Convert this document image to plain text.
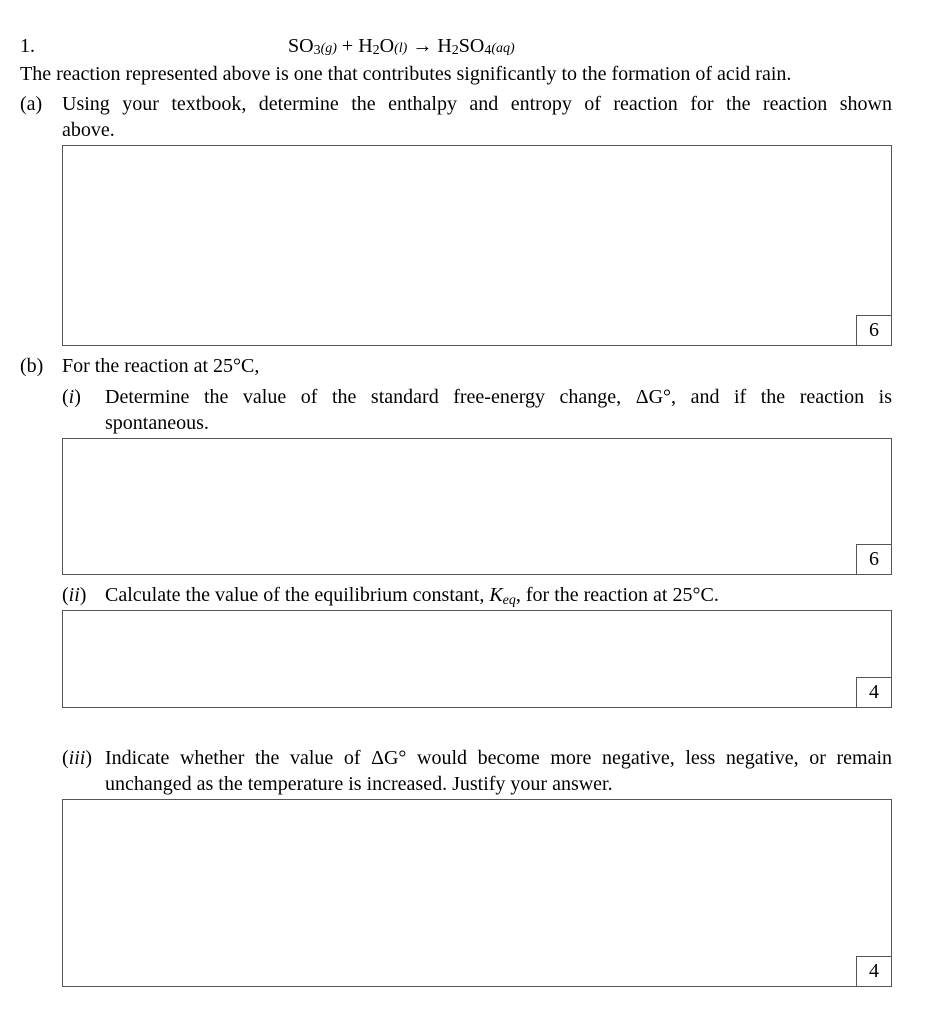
1.	$SO_3(g) + H_2O(l) \to H_2SO_4(aq)$
The reaction represented above is one that contributes significantly to the formation of acid rain.
(a) Using your textbook, determine the enthalpy and entropy of reaction for the reaction shown
above.
6
(b) For the reaction at 25°C,
(i) Determine the value of the standard free-energy change, ΔG°, and if the reaction is
spontaneous.
6
(ii) Calculate the value of the equilibrium constant, $K_{eq}$, for the reaction at 25°C.
4
(iii) Indicate whether the value of ΔG° would become more negative, less negative, or remain
unchanged as the temperature is increased. Justify your answer.
4
